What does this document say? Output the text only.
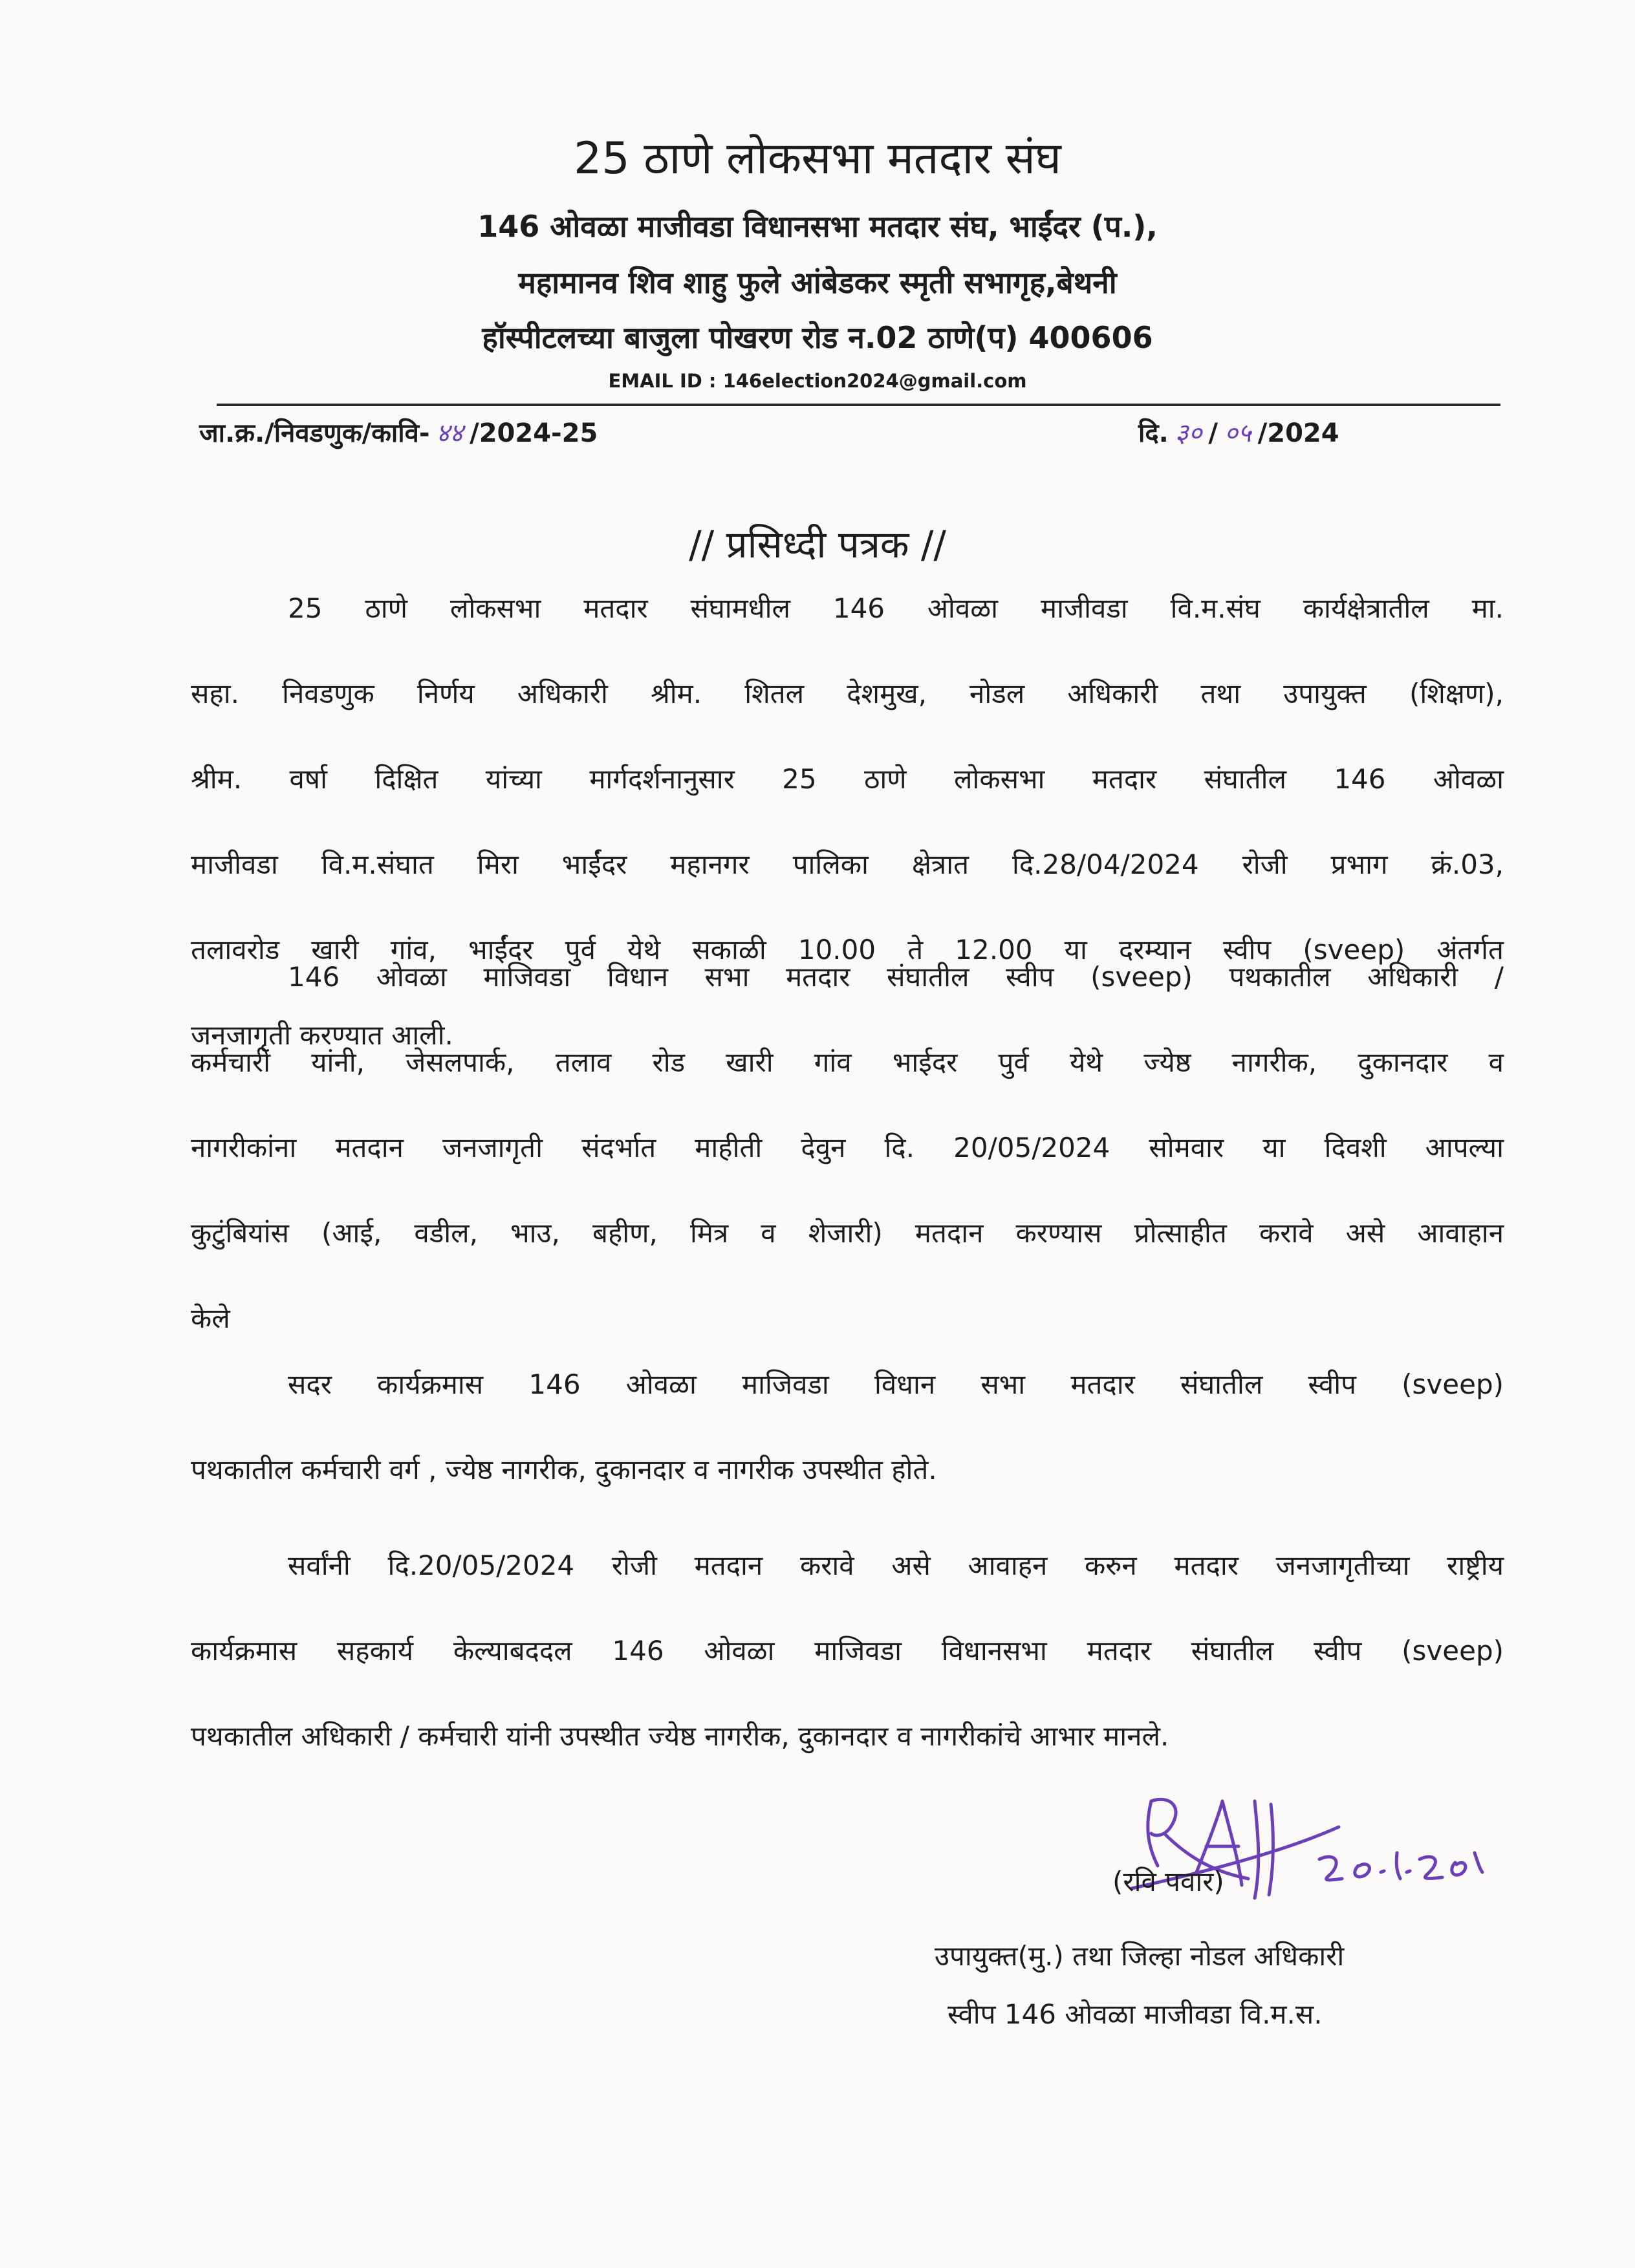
25 ठाणे लोकसभा मतदार संघ
146 ओवळा माजीवडा विधानसभा मतदार संघ, भाईंदर (प.),
महामानव शिव शाहु फुले आंबेडकर स्मृती सभागृह,बेथनी
हॉस्पीटलच्या बाजुला पोखरण रोड न.02 ठाणे(प) 400606
EMAIL ID : 146election2024@gmail.com
जा.क्र./निवडणुक/कावि- ४४ /2024-25	दि. ३० / ०५ /2024
// प्रसिध्दी पत्रक //
25 ठाणे लोकसभा मतदार संघामधील 146 ओवळा माजीवडा वि.म.संघ कार्यक्षेत्रातील मा.
सहा. निवडणुक निर्णय अधिकारी श्रीम. शितल देशमुख, नोडल अधिकारी तथा उपायुक्त (शिक्षण),
श्रीम. वर्षा दिक्षित यांच्या मार्गदर्शनानुसार 25 ठाणे लोकसभा मतदार संघातील 146 ओवळा
माजीवडा वि.म.संघात मिरा भाईंदर महानगर पालिका क्षेत्रात दि.28/04/2024 रोजी प्रभाग क्रं.03,
तलावरोड खारी गांव, भाईंदर पुर्व येथे सकाळी 10.00 ते 12.00 या दरम्यान स्वीप (sveep) अंतर्गत
जनजागृती करण्यात आली.
146 ओवळा माजिवडा विधान सभा मतदार संघातील स्वीप (sveep) पथकातील अधिकारी /
कर्मचारी यांनी, जेसलपार्क, तलाव रोड खारी गांव भाईदर पुर्व येथे ज्येष्ठ नागरीक, दुकानदार व
नागरीकांना मतदान जनजागृती संदर्भात माहीती देवुन दि. 20/05/2024 सोमवार या दिवशी आपल्या
कुटुंबियांस (आई, वडील, भाउ, बहीण, मित्र व शेजारी) मतदान करण्यास प्रोत्साहीत करावे असे आवाहान
केले
सदर कार्यक्रमास 146 ओवळा माजिवडा विधान सभा मतदार संघातील स्वीप (sveep)
पथकातील कर्मचारी वर्ग , ज्येष्ठ नागरीक, दुकानदार व नागरीक उपस्थीत होते.
सर्वांनी दि.20/05/2024 रोजी मतदान करावे असे आवाहन करुन मतदार जनजागृतीच्या राष्ट्रीय
कार्यक्रमास सहकार्य केल्याबददल 146 ओवळा माजिवडा विधानसभा मतदार संघातील स्वीप (sveep)
पथकातील अधिकारी / कर्मचारी यांनी उपस्थीत ज्येष्ठ नागरीक, दुकानदार व नागरीकांचे आभार मानले.
(रवि पवार)
उपायुक्त(मु.) तथा जिल्हा नोडल अधिकारी
स्वीप 146 ओवळा माजीवडा वि.म.स.
